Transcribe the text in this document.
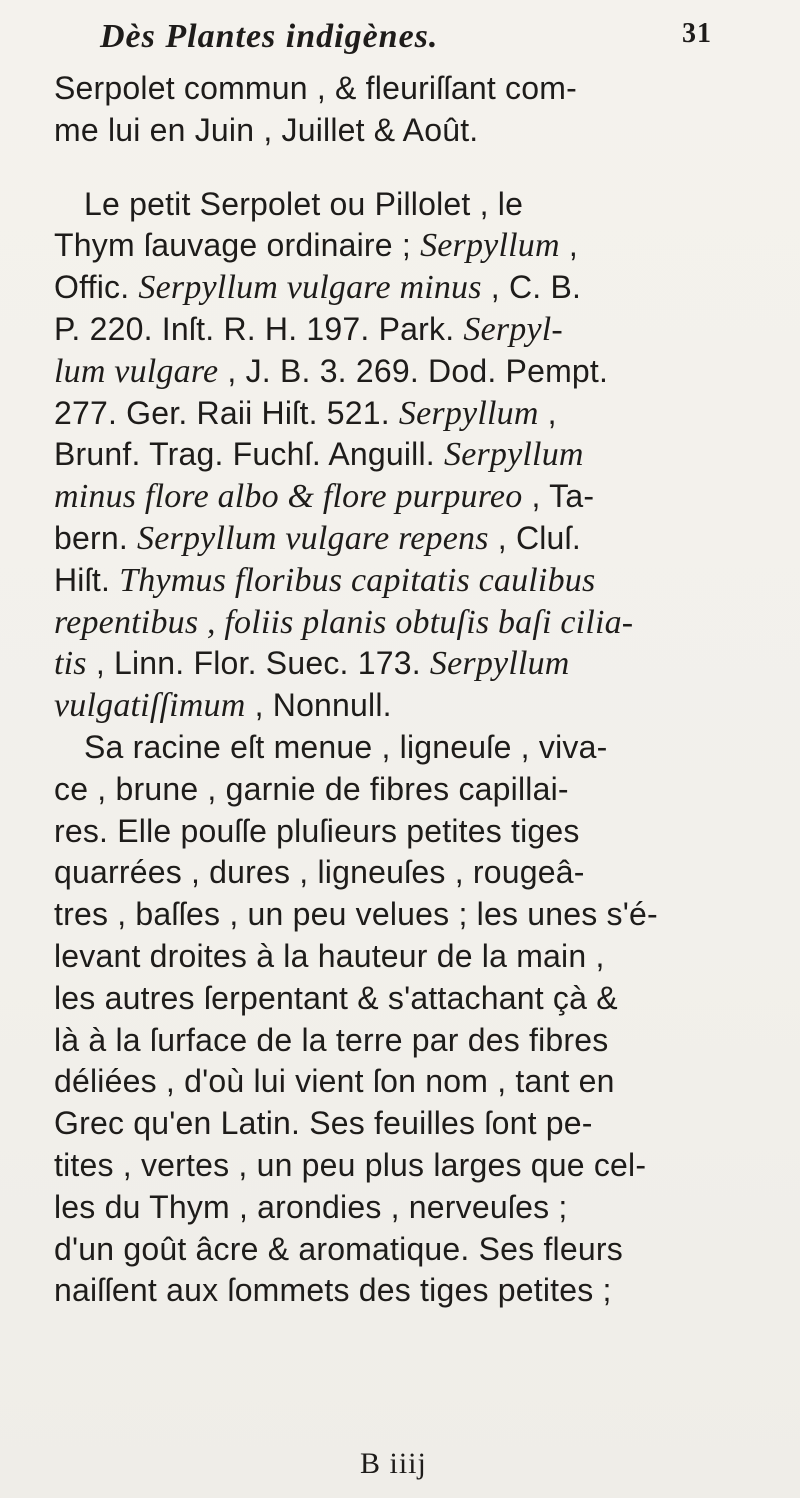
Dès Plantes indigènes.	31
Serpolet commun , & fleuriſſant com-
me lui en Juin , Juillet & Août.
Le petit Serpolet ou Pillolet , le
Thym ſauvage ordinaire ; Serpyllum ,
Offic. Serpyllum vulgare minus , C. B.
P. 220. Inſt. R. H. 197. Park. Serpyl-
lum vulgare , J. B. 3. 269. Dod. Pempt.
277. Ger. Raii Hiſt. 521. Serpyllum ,
Brunf. Trag. Fuchſ. Anguill. Serpyllum
minus flore albo & flore purpureo , Ta-
bern. Serpyllum vulgare repens , Cluſ.
Hiſt. Thymus floribus capitatis caulibus
repentibus , foliis planis obtuſis baſi cilia-
tis , Linn. Flor. Suec. 173. Serpyllum
vulgatiſſimum , Nonnull.
Sa racine eſt menue , ligneuſe , viva-
ce , brune , garnie de fibres capillai-
res. Elle pouſſe pluſieurs petites tiges
quarrées , dures , ligneuſes , rougeâ-
tres , baſſes , un peu velues ; les unes s'é-
levant droites à la hauteur de la main ,
les autres ſerpentant & s'attachant çà &
là à la ſurface de la terre par des fibres
déliées , d'où lui vient ſon nom , tant en
Grec qu'en Latin. Ses feuilles ſont pe-
tites , vertes , un peu plus larges que cel-
les du Thym , arondies , nerveuſes ;
d'un goût âcre & aromatique. Ses fleurs
naiſſent aux ſommets des tiges petites ;
B iiij
